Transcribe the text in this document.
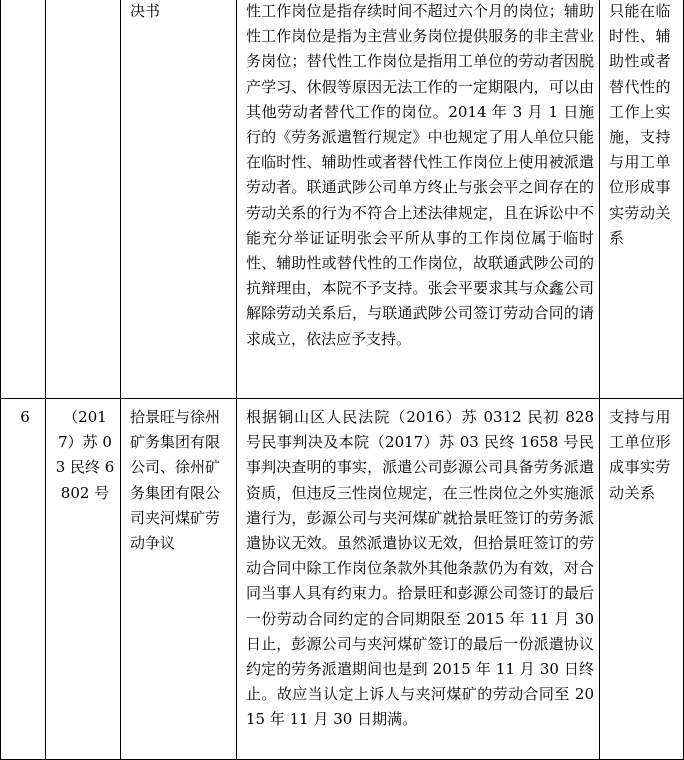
		决书	性工作岗位是指存续时间不超过六个月的岗位；辅助性工作岗位是指为主营业务岗位提供服务的非主营业务岗位；替代性工作岗位是指用工单位的劳动者因脱产学习、休假等原因无法工作的一定期限内，可以由其他劳动者替代工作的岗位。2014 年 3 月 1 日施行的《劳务派遣暂行规定》中也规定了用人单位只能在临时性、辅助性或者替代性工作岗位上使用被派遣劳动者。联通武陟公司单方终止与张会平之间存在的劳动关系的行为不符合上述法律规定，且在诉讼中不能充分举证证明张会平所从事的工作岗位属于临时性、辅助性或替代性的工作岗位，故联通武陟公司的抗辩理由，本院不予支持。张会平要求其与众鑫公司解除劳动关系后，与联通武陟公司签订劳动合同的请求成立，依法应予支持。	只能在临时性、辅助性或者替代性的工作上实施，支持与用工单位形成事实劳动关系
6	（2017）苏 03 民终 6802 号	拾景旺与徐州矿务集团有限公司、徐州矿务集团有限公司夹河煤矿劳动争议	根据铜山区人民法院（2016）苏 0312 民初 828 号民事判决及本院（2017）苏 03 民终 1658 号民事判决查明的事实，派遣公司彭源公司具备劳务派遣资质，但违反三性岗位规定，在三性岗位之外实施派遣行为，彭源公司与夹河煤矿就拾景旺签订的劳务派遣协议无效。虽然派遣协议无效，但拾景旺签订的劳动合同中除工作岗位条款外其他条款仍为有效，对合同当事人具有约束力。拾景旺和彭源公司签订的最后一份劳动合同约定的合同期限至 2015 年 11 月 30 日止，彭源公司与夹河煤矿签订的最后一份派遣协议约定的劳务派遣期间也是到 2015 年 11 月 30 日终止。故应当认定上诉人与夹河煤矿的劳动合同至 2015 年 11 月 30 日期满。	支持与用工单位形成事实劳动关系
